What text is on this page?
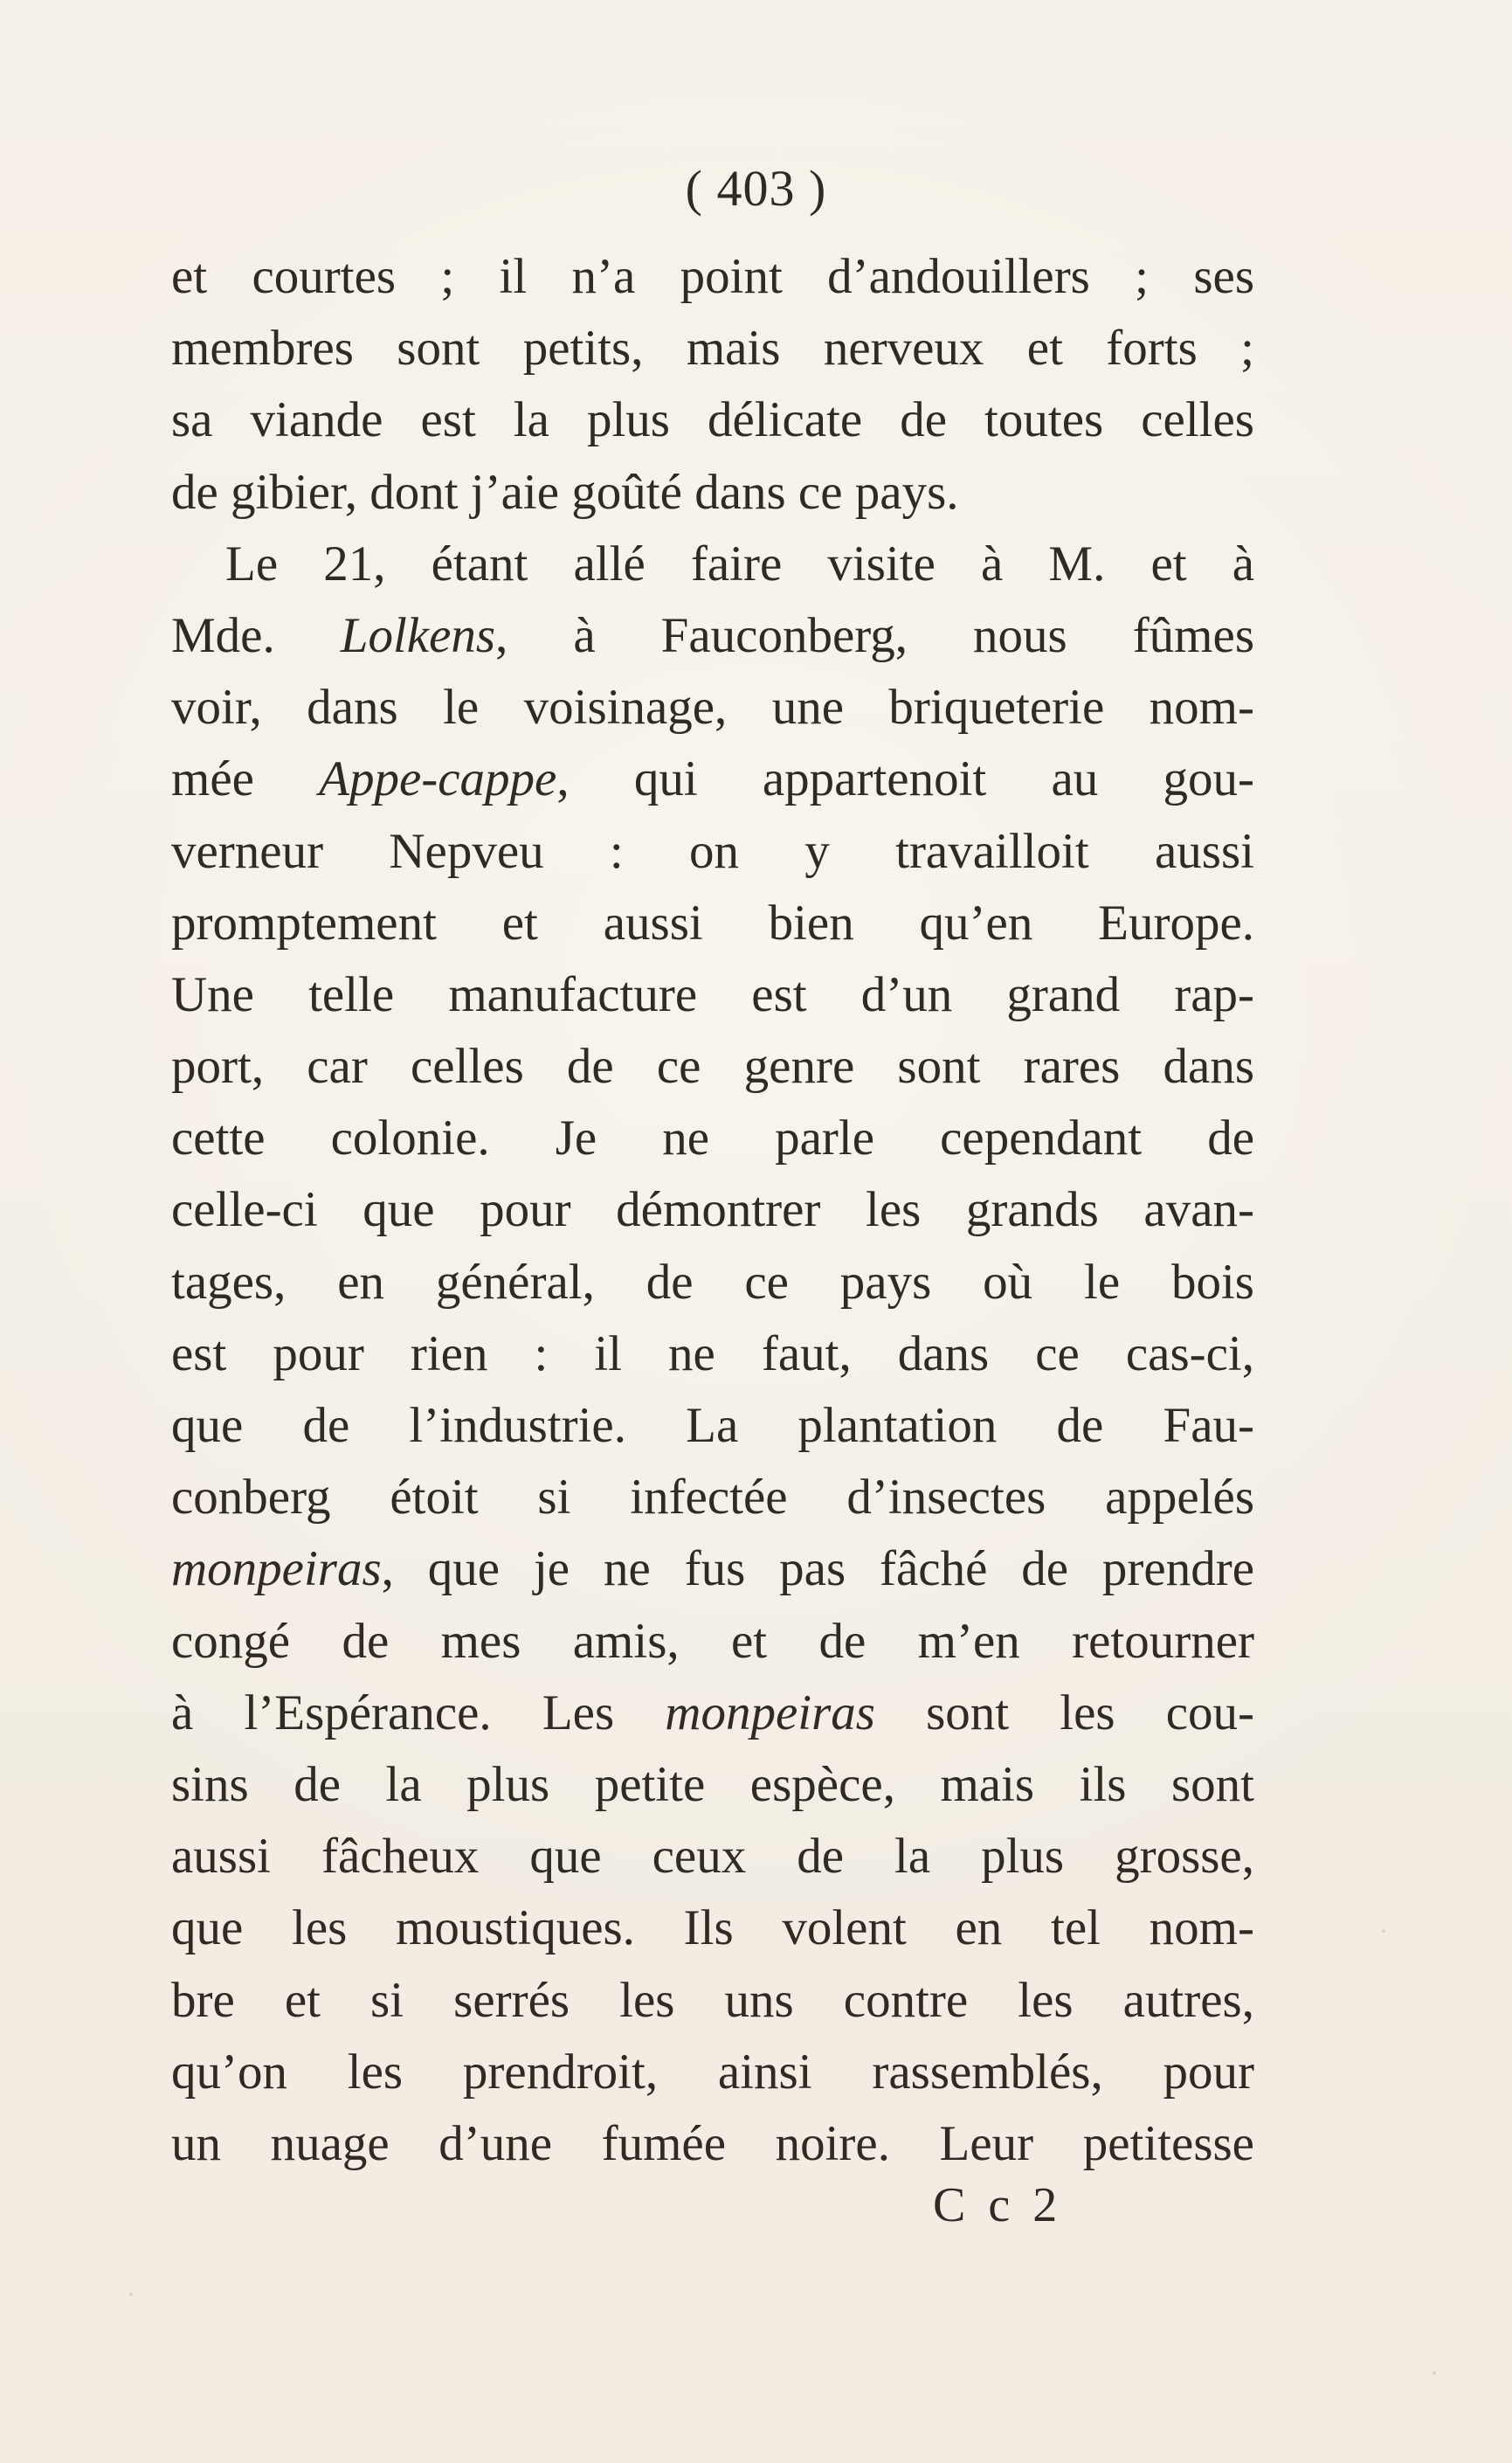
( 403 )
et courtes ; il n’a point d’andouillers ; ses
membres sont petits, mais nerveux et forts ;
sa viande est la plus délicate de toutes celles
de gibier, dont j’aie goûté dans ce pays.
Le 21, étant allé faire visite à M. et à
Mde. Lolkens, à Fauconberg, nous fûmes
voir, dans le voisinage, une briqueterie nom-
mée Appe-cappe, qui appartenoit au gou-
verneur Nepveu : on y travailloit aussi
promptement et aussi bien qu’en Europe.
Une telle manufacture est d’un grand rap-
port, car celles de ce genre sont rares dans
cette colonie. Je ne parle cependant de
celle-ci que pour démontrer les grands avan-
tages, en général, de ce pays où le bois
est pour rien : il ne faut, dans ce cas-ci,
que de l’industrie. La plantation de Fau-
conberg étoit si infectée d’insectes appelés
monpeiras, que je ne fus pas fâché de prendre
congé de mes amis, et de m’en retourner
à l’Espérance. Les monpeiras sont les cou-
sins de la plus petite espèce, mais ils sont
aussi fâcheux que ceux de la plus grosse,
que les moustiques. Ils volent en tel nom-
bre et si serrés les uns contre les autres,
qu’on les prendroit, ainsi rassemblés, pour
un nuage d’une fumée noire. Leur petitesse
C c 2
